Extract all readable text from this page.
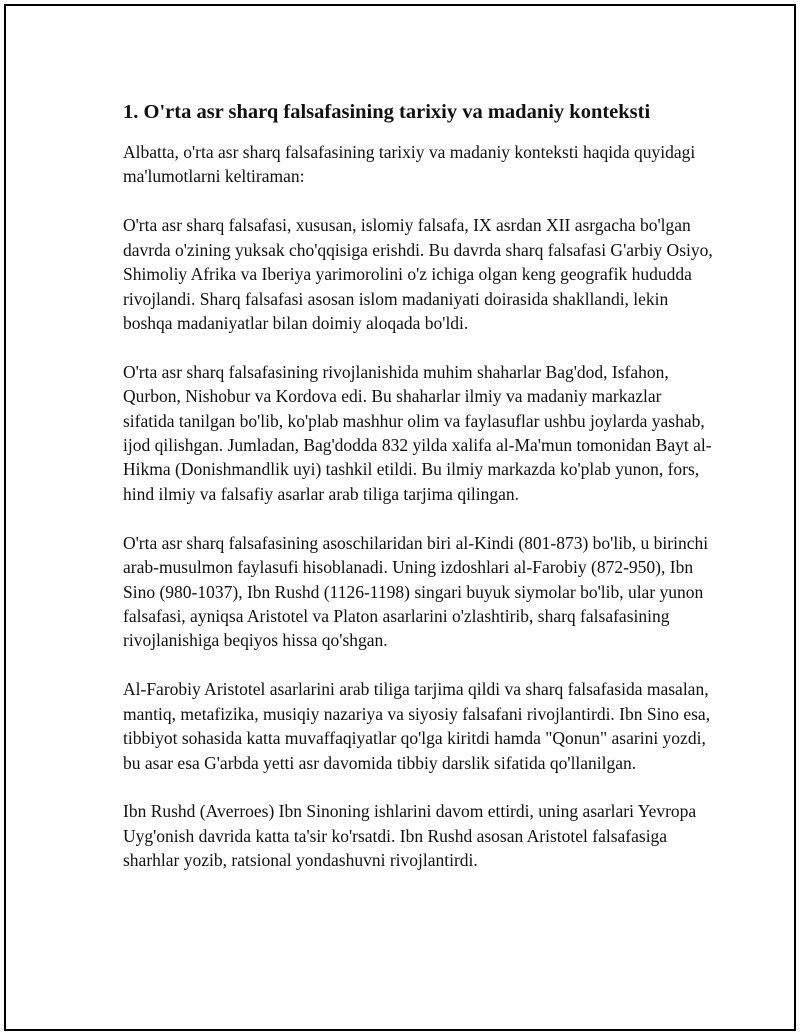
1. O'rta asr sharq falsafasining tarixiy va madaniy konteksti

Albatta, o'rta asr sharq falsafasining tarixiy va madaniy konteksti haqida quyidagi ma'lumotlarni keltiraman:

O'rta asr sharq falsafasi, xususan, islomiy falsafa, IX asrdan XII asrgacha bo'lgan davrda o'zining yuksak cho'qqisiga erishdi. Bu davrda sharq falsafasi G'arbiy Osiyo, Shimoliy Afrika va Iberiya yarimorolini o'z ichiga olgan keng geografik hududda rivojlandi. Sharq falsafasi asosan islom madaniyati doirasida shakllandi, lekin boshqa madaniyatlar bilan doimiy aloqada bo'ldi.

O'rta asr sharq falsafasining rivojlanishida muhim shaharlar Bag'dod, Isfahon, Qurbon, Nishobur va Kordova edi. Bu shaharlar ilmiy va madaniy markazlar sifatida tanilgan bo'lib, ko'plab mashhur olim va faylasuflar ushbu joylarda yashab, ijod qilishgan. Jumladan, Bag'dodda 832 yilda xalifa al-Ma'mun tomonidan Bayt al-Hikma (Donishmandlik uyi) tashkil etildi. Bu ilmiy markazda ko'plab yunon, fors, hind ilmiy va falsafiy asarlar arab tiliga tarjima qilingan.

O'rta asr sharq falsafasining asoschilaridan biri al-Kindi (801-873) bo'lib, u birinchi arab-musulmon faylasufi hisoblanadi. Uning izdoshlari al-Farobiy (872-950), Ibn Sino (980-1037), Ibn Rushd (1126-1198) singari buyuk siymolar bo'lib, ular yunon falsafasi, ayniqsa Aristotel va Platon asarlarini o'zlashtirib, sharq falsafasining rivojlanishiga beqiyos hissa qo'shgan.

Al-Farobiy Aristotel asarlarini arab tiliga tarjima qildi va sharq falsafasida masalan, mantiq, metafizika, musiqiy nazariya va siyosiy falsafani rivojlantirdi. Ibn Sino esa, tibbiyot sohasida katta muvaffaqiyatlar qo'lga kiritdi hamda "Qonun" asarini yozdi, bu asar esa G'arbda yetti asr davomida tibbiy darslik sifatida qo'llanilgan.

Ibn Rushd (Averroes) Ibn Sinoning ishlarini davom ettirdi, uning asarlari Yevropa Uyg'onish davrida katta ta'sir ko'rsatdi. Ibn Rushd asosan Aristotel falsafasiga sharhlar yozib, ratsional yondashuvni rivojlantirdi.
